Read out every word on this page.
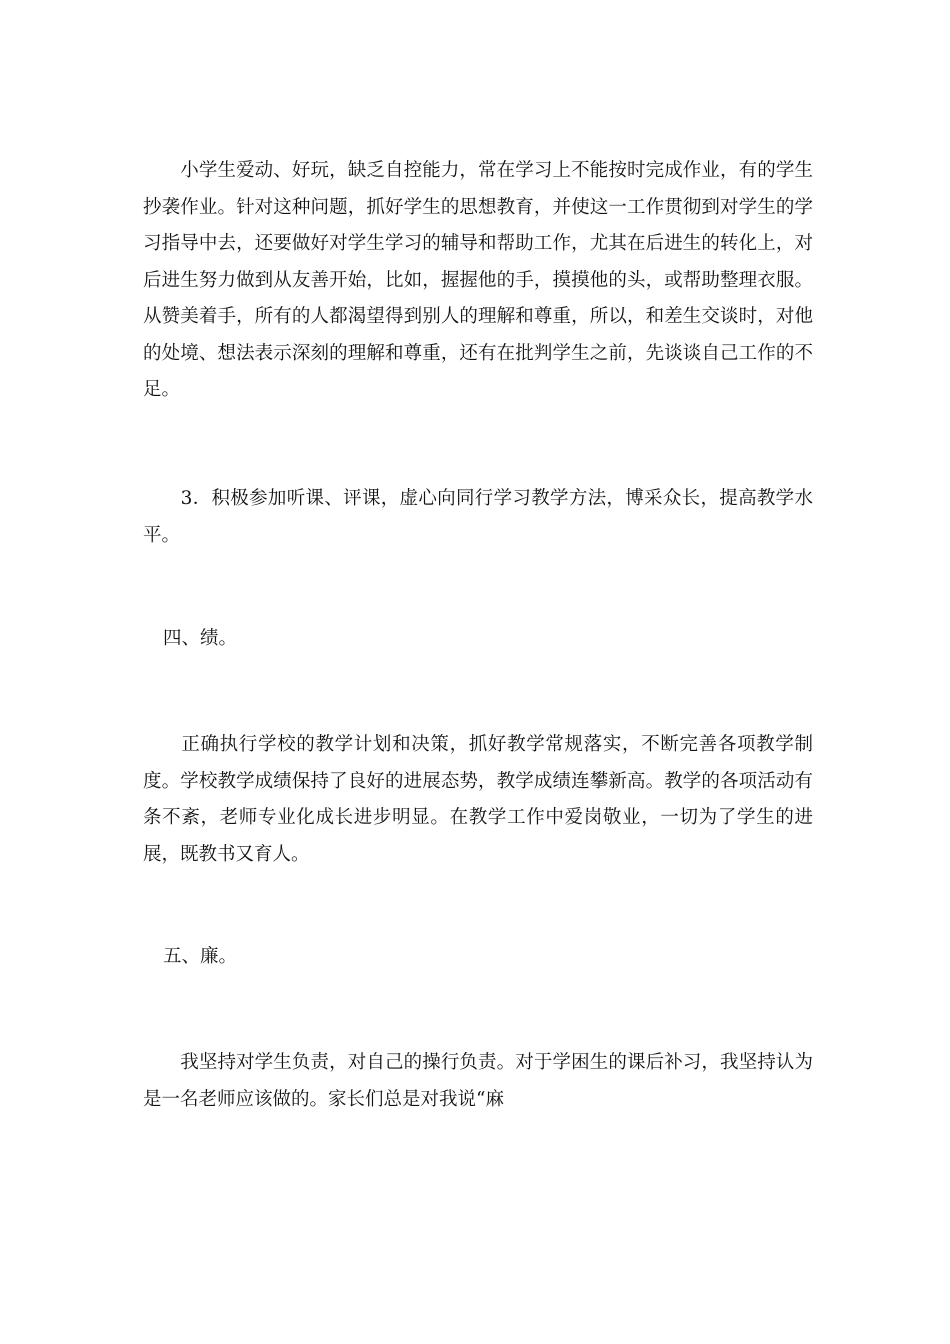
　　小学生爱动、好玩，缺乏自控能力，常在学习上不能按时完成作业，有的学生抄袭作业。针对这种问题，抓好学生的思想教育，并使这一工作贯彻到对学生的学习指导中去，还要做好对学生学习的辅导和帮助工作，尤其在后进生的转化上，对后进生努力做到从友善开始，比如，握握他的手，摸摸他的头，或帮助整理衣服。从赞美着手，所有的人都渴望得到别人的理解和尊重，所以，和差生交谈时，对他的处境、想法表示深刻的理解和尊重，还有在批判学生之前，先谈谈自己工作的不足。

　　3．积极参加听课、评课，虚心向同行学习教学方法，博采众长，提高教学水平。

四、绩。

　　正确执行学校的教学计划和决策，抓好教学常规落实，不断完善各项教学制度。学校教学成绩保持了良好的进展态势，教学成绩连攀新高。教学的各项活动有条不紊，老师专业化成长进步明显。在教学工作中爱岗敬业，一切为了学生的进展，既教书又育人。

五、廉。

　　我坚持对学生负责，对自己的操行负责。对于学困生的课后补习，我坚持认为是一名老师应该做的。家长们总是对我说“麻
